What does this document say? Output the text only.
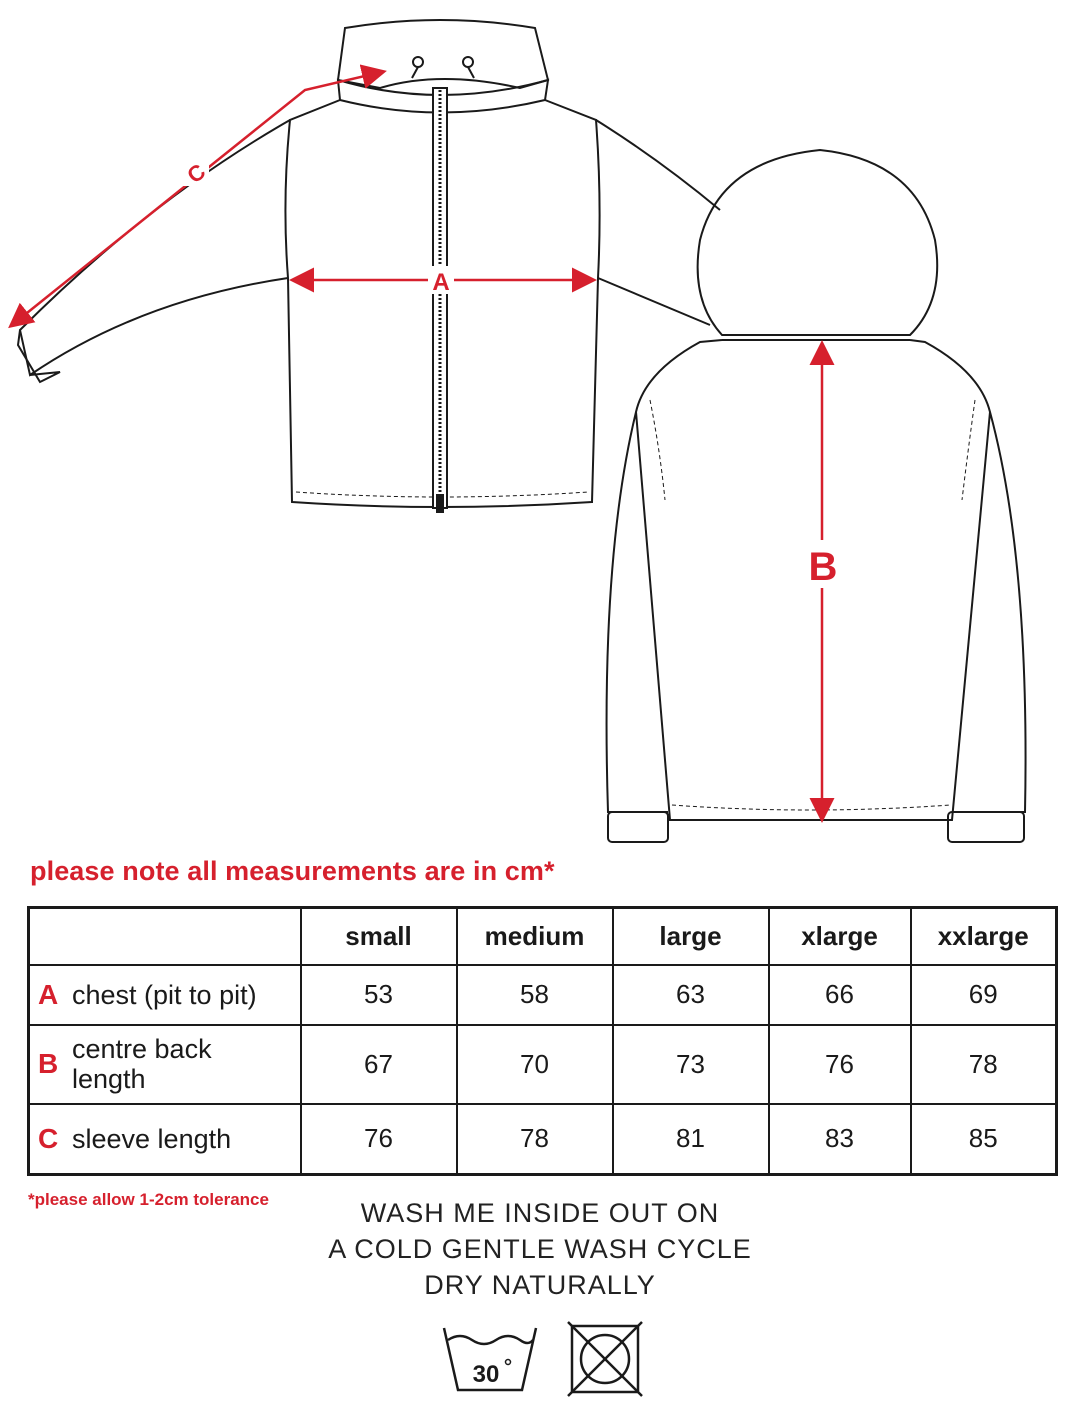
A
B
C
please note all measurements are in cm*
	small	medium	large	xlarge	xxlarge

A chest (pit to pit)	53	58	63	66	69

B centre back length	67	70	73	76	78

C sleeve length	76	78	81	83	85
*please allow 1-2cm tolerance	WASH ME INSIDE OUT ON
A COLD GENTLE WASH CYCLE
DRY NATURALLY
30
